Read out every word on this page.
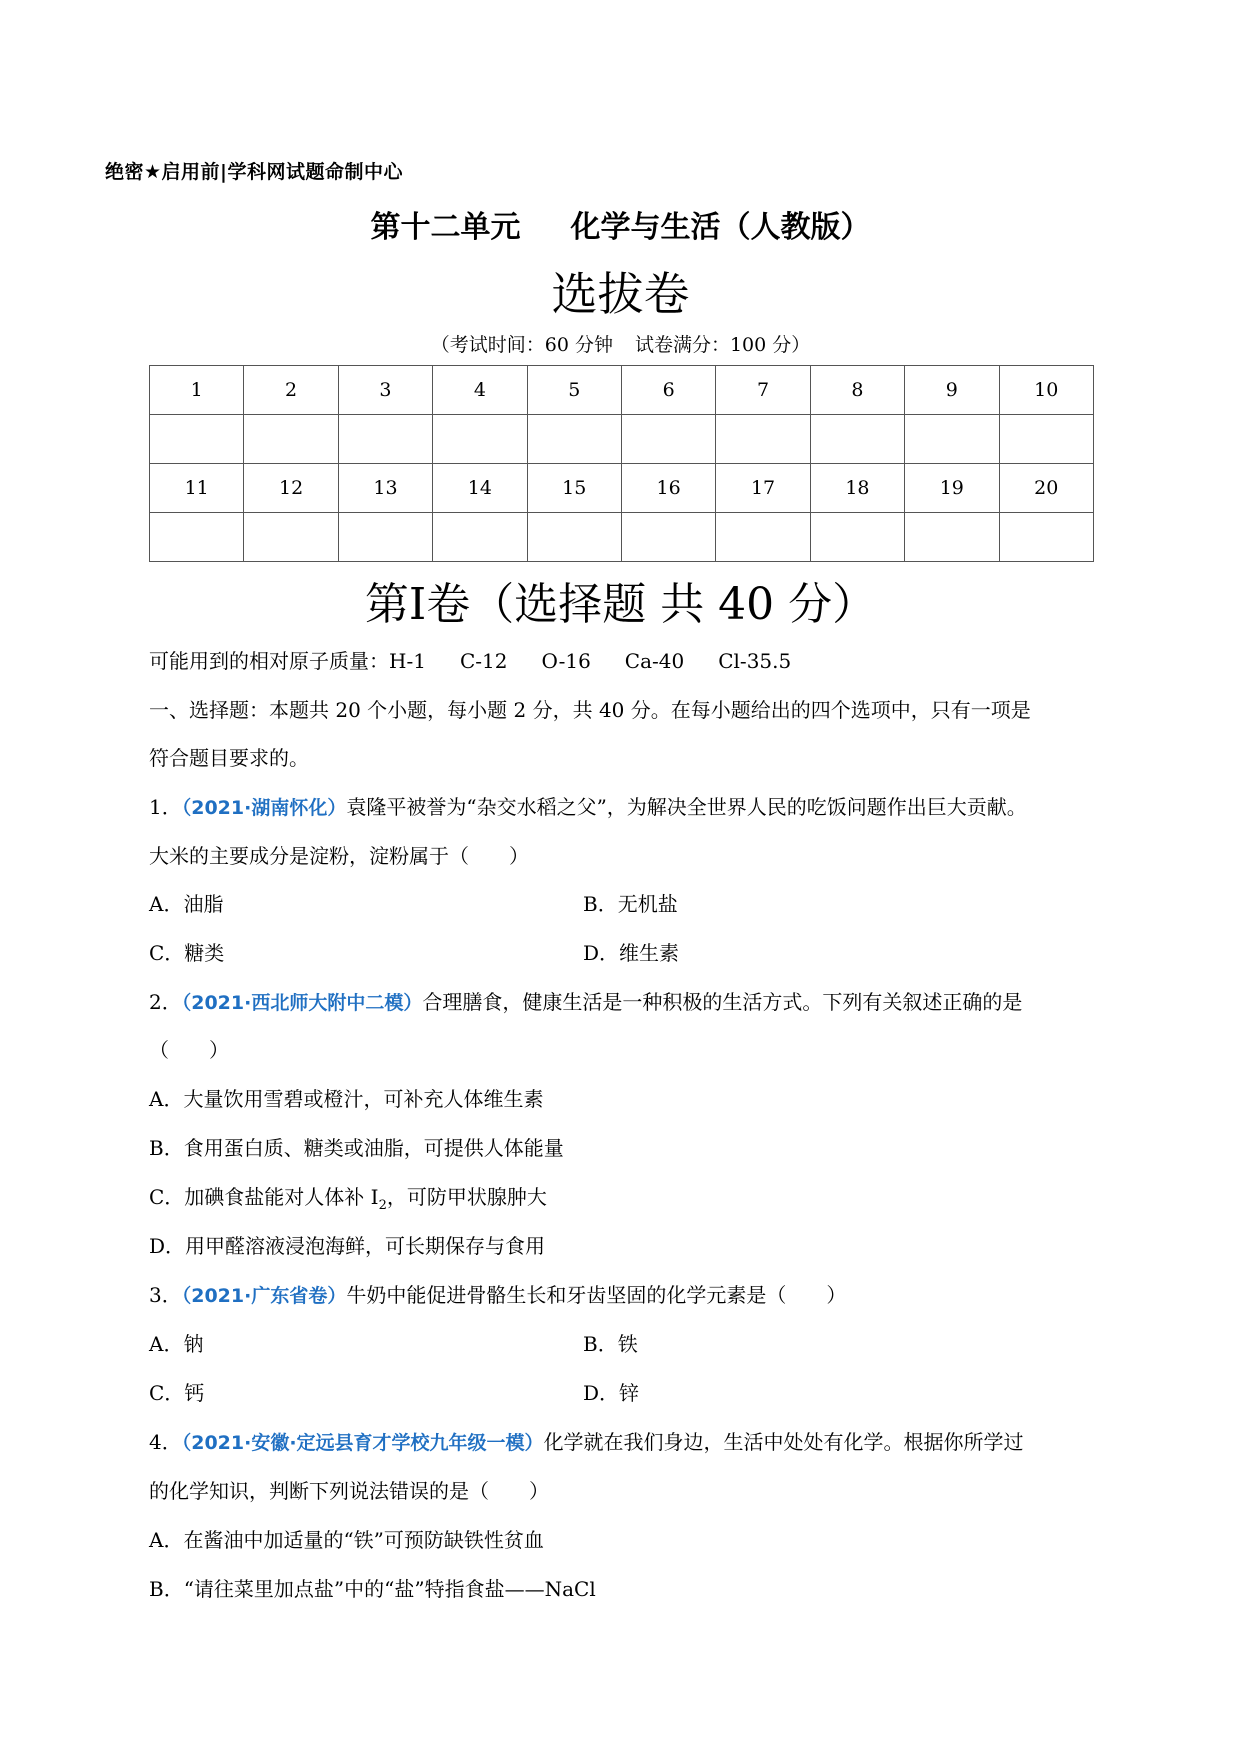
绝密★启用前|学科网试题命制中心
第十二单元 化学与生活（人教版）
选拔卷
（考试时间：60 分钟 试卷满分：100 分）
1	2	3	4	5	6	7	8	9	10

11	12	13	14	15	16	17	18	19	20

第I卷（选择题 共 40 分）
可能用到的相对原子质量：H-1 C-12 O-16 Ca-40 Cl-35.5
一、选择题：本题共 20 个小题，每小题 2 分，共 40 分。在每小题给出的四个选项中，只有一项是
符合题目要求的。
1．（2021·湖南怀化）袁隆平被誉为“杂交水稻之父”，为解决全世界人民的吃饭问题作出巨大贡献。
大米的主要成分是淀粉，淀粉属于（　　）
A．油脂	B．无机盐
C．糖类	D．维生素
2．（2021·西北师大附中二模）合理膳食，健康生活是一种积极的生活方式。下列有关叙述正确的是
（　　）
A．大量饮用雪碧或橙汁，可补充人体维生素
B．食用蛋白质、糖类或油脂，可提供人体能量
C．加碘食盐能对人体补 $I_2$，可防甲状腺肿大
D．用甲醛溶液浸泡海鲜，可长期保存与食用
3．（2021·广东省卷）牛奶中能促进骨骼生长和牙齿坚固的化学元素是（　　）
A．钠	B．铁
C．钙	D．锌
4．（2021·安徽·定远县育才学校九年级一模）化学就在我们身边，生活中处处有化学。根据你所学过
的化学知识，判断下列说法错误的是（　　）
A．在酱油中加适量的“铁”可预防缺铁性贫血
B．“请往菜里加点盐”中的“盐”特指食盐——NaCl
